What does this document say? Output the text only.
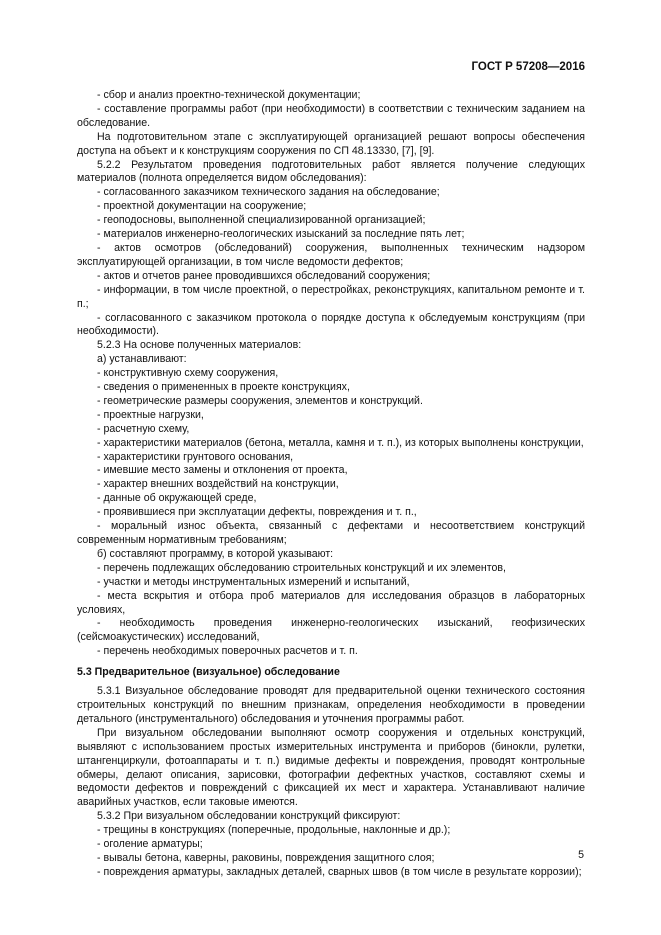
ГОСТ Р 57208—2016

- сбор и анализ проектно-технической документации;

- составление программы работ (при необходимости) в соответствии с техническим заданием на обследование.

На подготовительном этапе с эксплуатирующей организацией решают вопросы обеспечения доступа на объект и к конструкциям сооружения по СП 48.13330, [7], [9].

5.2.2 Результатом проведения подготовительных работ является получение следующих материалов (полнота определяется видом обследования):

- согласованного заказчиком технического задания на обследование;

- проектной документации на сооружение;

- геоподосновы, выполненной специализированной организацией;

- материалов инженерно-геологических изысканий за последние пять лет;

- актов осмотров (обследований) сооружения, выполненных техническим надзором эксплуатирующей организации, в том числе ведомости дефектов;

- актов и отчетов ранее проводившихся обследований сооружения;

- информации, в том числе проектной, о перестройках, реконструкциях, капитальном ремонте и т. п.;

- согласованного с заказчиком протокола о порядке доступа к обследуемым конструкциям (при необходимости).

5.2.3 На основе полученных материалов:

а) устанавливают:

- конструктивную схему сооружения,

- сведения о примененных в проекте конструкциях,

- геометрические размеры сооружения, элементов и конструкций.

- проектные нагрузки,

- расчетную схему,

- характеристики материалов (бетона, металла, камня и т. п.), из которых выполнены конструкции,

- характеристики грунтового основания,

- имевшие место замены и отклонения от проекта,

- характер внешних воздействий на конструкции,

- данные об окружающей среде,

- проявившиеся при эксплуатации дефекты, повреждения и т. п.,

- моральный износ объекта, связанный с дефектами и несоответствием конструкций современным нормативным требованиям;

б) составляют программу, в которой указывают:

- перечень подлежащих обследованию строительных конструкций и их элементов,

- участки и методы инструментальных измерений и испытаний,

- места вскрытия и отбора проб материалов для исследования образцов в лабораторных условиях,

- необходимость проведения инженерно-геологических изысканий, геофизических (сейсмоакустических) исследований,

- перечень необходимых поверочных расчетов и т. п.

5.3 Предварительное (визуальное) обследование

5.3.1 Визуальное обследование проводят для предварительной оценки технического состояния строительных конструкций по внешним признакам, определения необходимости в проведении детального (инструментального) обследования и уточнения программы работ.

При визуальном обследовании выполняют осмотр сооружения и отдельных конструкций, выявляют с использованием простых измерительных инструмента и приборов (бинокли, рулетки, штангенциркули, фотоаппараты и т. п.) видимые дефекты и повреждения, проводят контрольные обмеры, делают описания, зарисовки, фотографии дефектных участков, составляют схемы и ведомости дефектов и повреждений с фиксацией их мест и характера. Устанавливают наличие аварийных участков, если таковые имеются.

5.3.2 При визуальном обследовании конструкций фиксируют:

- трещины в конструкциях (поперечные, продольные, наклонные и др.);

- оголение арматуры;

- вывалы бетона, каверны, раковины, повреждения защитного слоя;

- повреждения арматуры, закладных деталей, сварных швов (в том числе в результате коррозии);

5
